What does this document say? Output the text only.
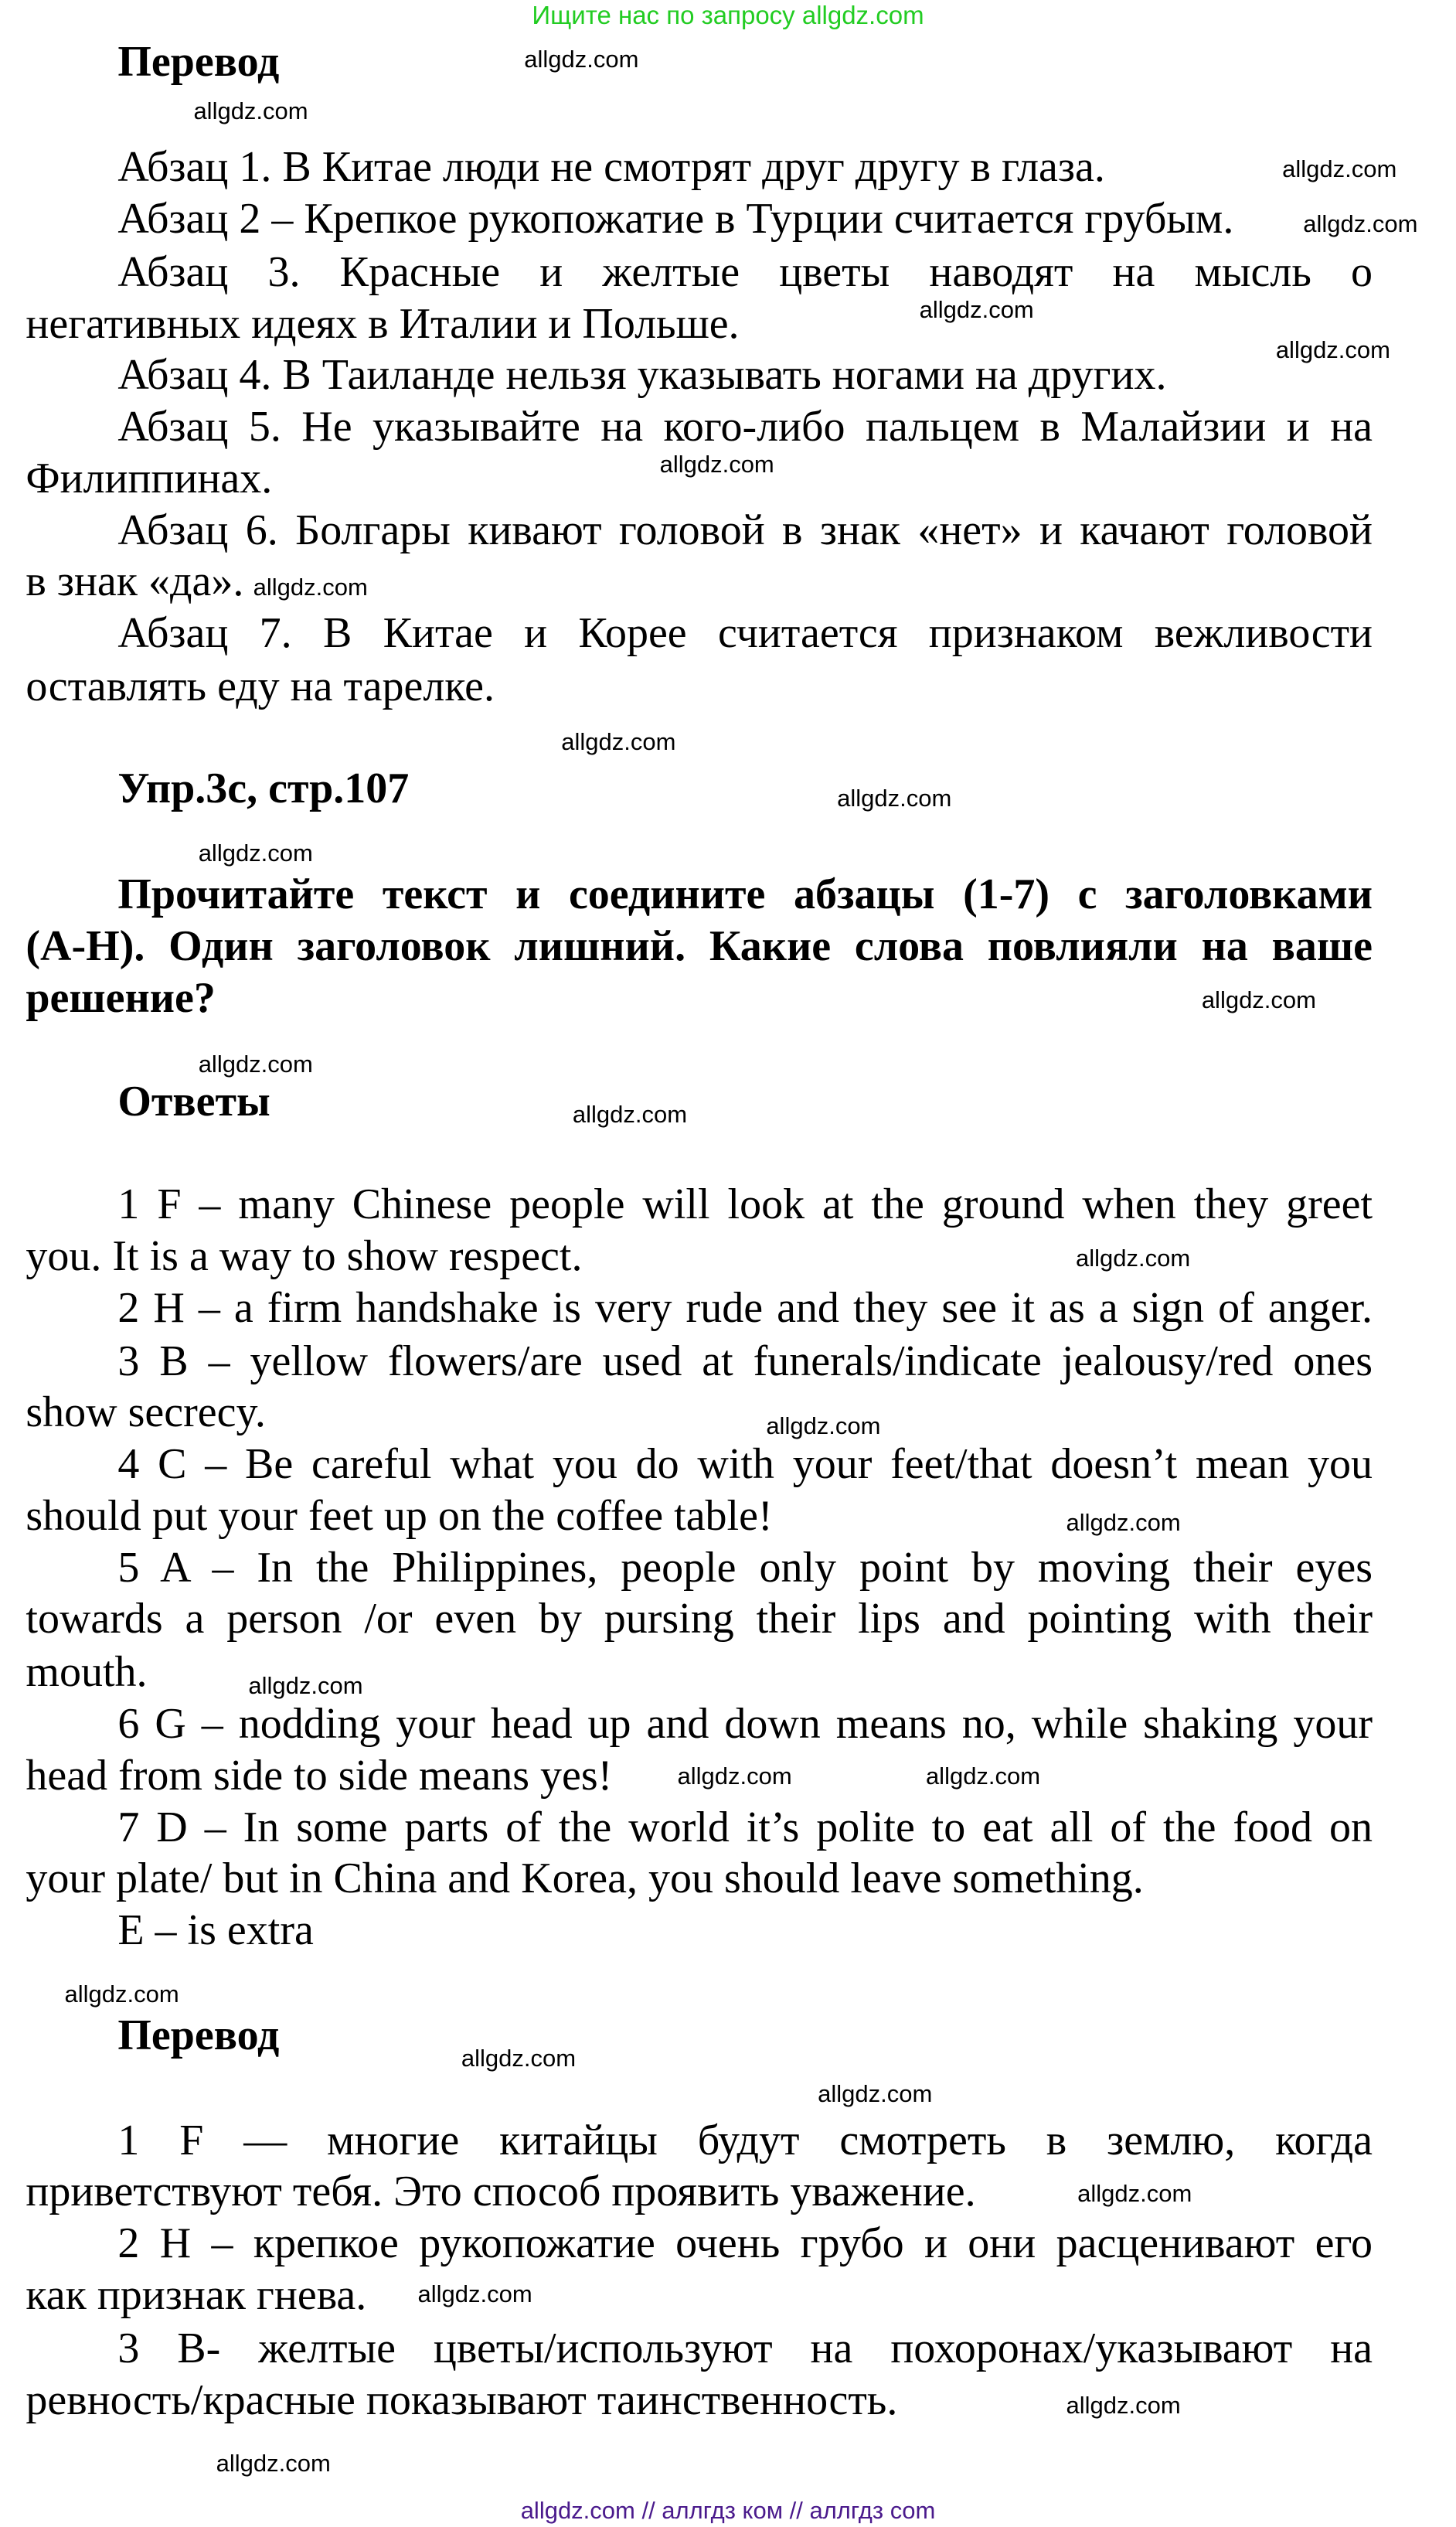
Ищите нас по запросу allgdz.com
Перевод
Абзац 1. В Китае люди не смотрят друг другу в глаза.
Абзац 2 – Крепкое рукопожатие в Турции считается грубым.
Абзац 3. Красные и желтые цветы наводят на мысль о
негативных идеях в Италии и Польше.
Абзац 4. В Таиланде нельзя указывать ногами на других.
Абзац 5. Не указывайте на кого-либо пальцем в Малайзии и на
Филиппинах.
Абзац 6. Болгары кивают головой в знак «нет» и качают головой
в знак «да».
Абзац 7. В Китае и Корее считается признаком вежливости
оставлять еду на тарелке.
Упр.3c, стр.107
Прочитайте текст и соедините абзацы (1-7) с заголовками
(A-H). Один заголовок лишний. Какие слова повлияли на ваше
решение?
Ответы
1 F – many Chinese people will look at the ground when they greet
you. It is a way to show respect.
2 H – a firm handshake is very rude and they see it as a sign of anger.
3 B – yellow flowers/are used at funerals/indicate jealousy/red ones
show secrecy.
4 C – Be careful what you do with your feet/that doesn’t mean you
should put your feet up on the coffee table!
5 A – In the Philippines, people only point by moving their eyes
towards a person /or even by pursing their lips and pointing with their
mouth.
6 G – nodding your head up and down means no, while shaking your
head from side to side means yes!
7 D – In some parts of the world it’s polite to eat all of the food on
your plate/ but in China and Korea, you should leave something.
E – is extra
Перевод
1 F — многие китайцы будут смотреть в землю, когда
приветствуют тебя. Это способ проявить уважение.
2 H – крепкое рукопожатие очень грубо и они расценивают его
как признак гнева.
3 B- желтые цветы/используют на похоронах/указывают на
ревность/красные показывают таинственность.
allgdz.com
allgdz.com
allgdz.com
allgdz.com
allgdz.com
allgdz.com
allgdz.com
allgdz.com
allgdz.com
allgdz.com
allgdz.com
allgdz.com
allgdz.com
allgdz.com
allgdz.com
allgdz.com
allgdz.com
allgdz.com
allgdz.com	allgdz.com
allgdz.com
allgdz.com
allgdz.com
allgdz.com
allgdz.com
allgdz.com
allgdz.com
allgdz.com // аллгдз ком // аллгдз com
